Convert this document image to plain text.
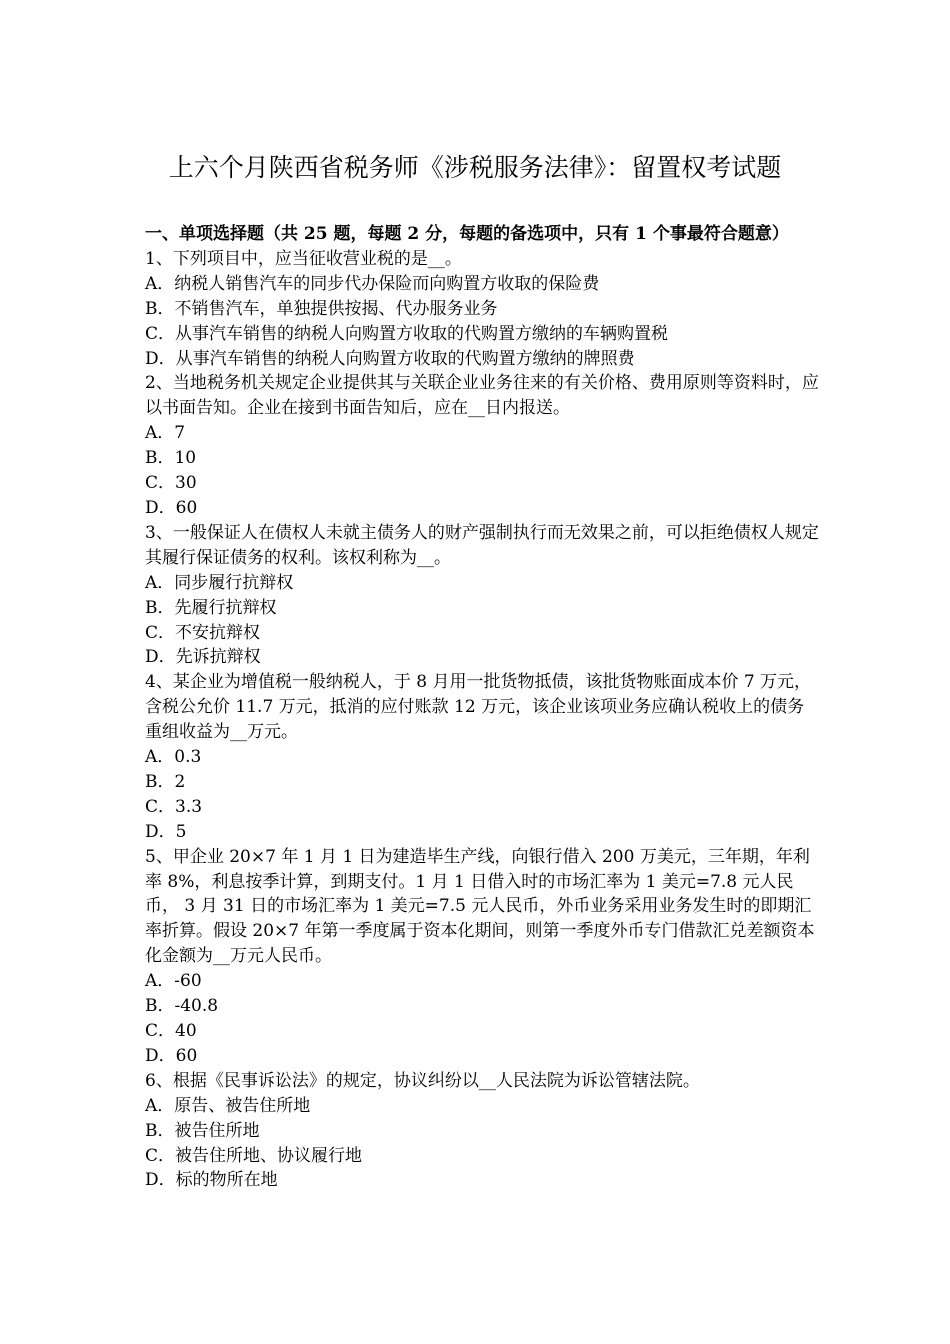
上六个月陕西省税务师《涉税服务法律》：留置权考试题

一、单项选择题（共 25 题，每题 2 分，每题的备选项中，只有 1 个事最符合题意）

1、下列项目中，应当征收营业税的是__。

A．纳税人销售汽车的同步代办保险而向购置方收取的保险费

B．不销售汽车，单独提供按揭、代办服务业务

C．从事汽车销售的纳税人向购置方收取的代购置方缴纳的车辆购置税

D．从事汽车销售的纳税人向购置方收取的代购置方缴纳的牌照费

2、当地税务机关规定企业提供其与关联企业业务往来的有关价格、费用原则等资料时，应以书面告知。企业在接到书面告知后，应在__日内报送。

A．7

B．10

C．30

D．60

3、一般保证人在债权人未就主债务人的财产强制执行而无效果之前，可以拒绝债权人规定其履行保证债务的权利。该权利称为__。

A．同步履行抗辩权

B．先履行抗辩权

C．不安抗辩权

D．先诉抗辩权

4、某企业为增值税一般纳税人，于 8 月用一批货物抵债，该批货物账面成本价 7 万元，含税公允价 11.7 万元，抵消的应付账款 12 万元，该企业该项业务应确认税收上的债务重组收益为__万元。

A．0.3

B．2

C．3.3

D．5

5、甲企业 20×7 年 1 月 1 日为建造毕生产线，向银行借入 200 万美元，三年期，年利率 8%，利息按季计算，到期支付。1 月 1 日借入时的市场汇率为 1 美元=7.8 元人民币， 3 月 31 日的市场汇率为 1 美元=7.5 元人民币，外币业务采用业务发生时的即期汇率折算。假设 20×7 年第一季度属于资本化期间，则第一季度外币专门借款汇兑差额资本化金额为__万元人民币。

A．-60

B．-40.8

C．40

D．60

6、根据《民事诉讼法》的规定，协议纠纷以__人民法院为诉讼管辖法院。

A．原告、被告住所地

B．被告住所地

C．被告住所地、协议履行地

D．标的物所在地
